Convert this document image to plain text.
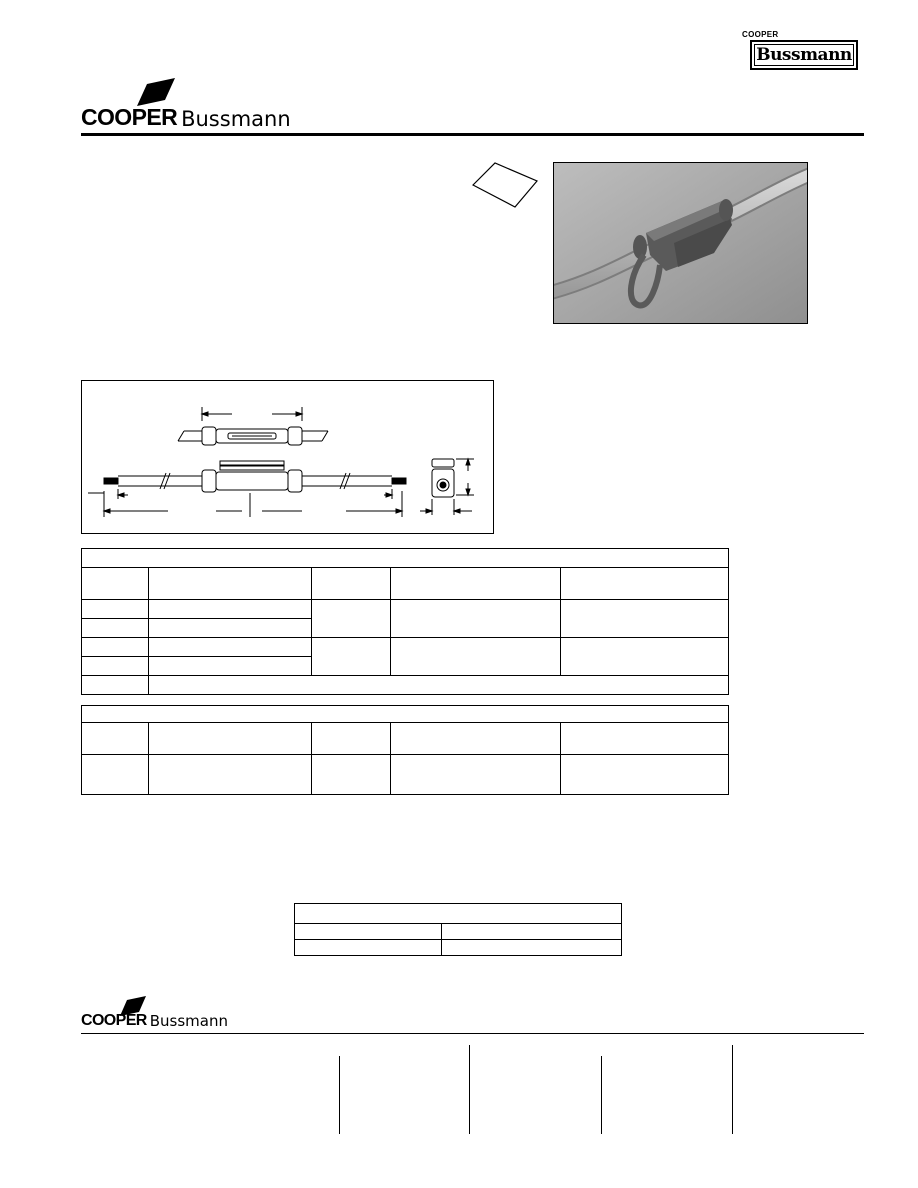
COOPER
Bussmann
COOPER Bussmann

COOPER Bussmann
